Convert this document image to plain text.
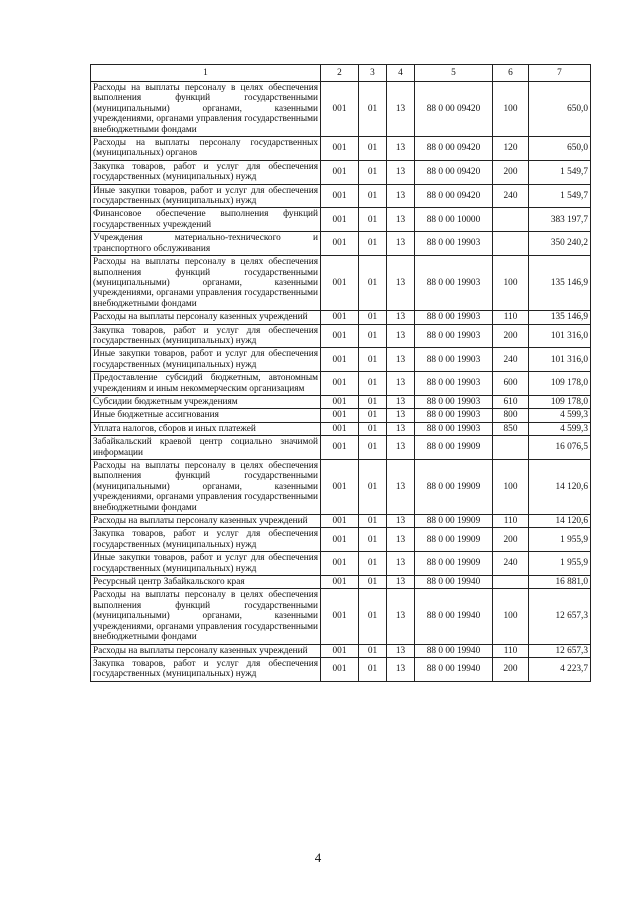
1	2	3	4	5	6	7
Расходы на выплаты персоналу в целях обеспечения выполнения функций государственными (муниципальными) органами, казенными учреждениями, органами управления государственными внебюджетными фондами	001	01	13	88 0 00 09420	100	650,0
Расходы на выплаты персоналу государственных (муниципальных) органов	001	01	13	88 0 00 09420	120	650,0
Закупка товаров, работ и услуг для обеспечения государственных (муниципальных) нужд	001	01	13	88 0 00 09420	200	1 549,7
Иные закупки товаров, работ и услуг для обеспечения государственных (муниципальных) нужд	001	01	13	88 0 00 09420	240	1 549,7
Финансовое обеспечение выполнения функций государственных учреждений	001	01	13	88 0 00 10000		383 197,7
Учреждения материально-технического и транспортного обслуживания	001	01	13	88 0 00 19903		350 240,2
Расходы на выплаты персоналу в целях обеспечения выполнения функций государственными (муниципальными) органами, казенными учреждениями, органами управления государственными внебюджетными фондами	001	01	13	88 0 00 19903	100	135 146,9
Расходы на выплаты персоналу казенных учреждений	001	01	13	88 0 00 19903	110	135 146,9
Закупка товаров, работ и услуг для обеспечения государственных (муниципальных) нужд	001	01	13	88 0 00 19903	200	101 316,0
Иные закупки товаров, работ и услуг для обеспечения государственных (муниципальных) нужд	001	01	13	88 0 00 19903	240	101 316,0
Предоставление субсидий бюджетным, автономным учреждениям и иным некоммерческим организациям	001	01	13	88 0 00 19903	600	109 178,0
Субсидии бюджетным учреждениям	001	01	13	88 0 00 19903	610	109 178,0
Иные бюджетные ассигнования	001	01	13	88 0 00 19903	800	4 599,3
Уплата налогов, сборов и иных платежей	001	01	13	88 0 00 19903	850	4 599,3
Забайкальский краевой центр социально значимой информации	001	01	13	88 0 00 19909		16 076,5
Расходы на выплаты персоналу в целях обеспечения выполнения функций государственными (муниципальными) органами, казенными учреждениями, органами управления государственными внебюджетными фондами	001	01	13	88 0 00 19909	100	14 120,6
Расходы на выплаты персоналу казенных учреждений	001	01	13	88 0 00 19909	110	14 120,6
Закупка товаров, работ и услуг для обеспечения государственных (муниципальных) нужд	001	01	13	88 0 00 19909	200	1 955,9
Иные закупки товаров, работ и услуг для обеспечения государственных (муниципальных) нужд	001	01	13	88 0 00 19909	240	1 955,9
Ресурсный центр Забайкальского края	001	01	13	88 0 00 19940		16 881,0
Расходы на выплаты персоналу в целях обеспечения выполнения функций государственными (муниципальными) органами, казенными учреждениями, органами управления государственными внебюджетными фондами	001	01	13	88 0 00 19940	100	12 657,3
Расходы на выплаты персоналу казенных учреждений	001	01	13	88 0 00 19940	110	12 657,3
Закупка товаров, работ и услуг для обеспечения государственных (муниципальных) нужд	001	01	13	88 0 00 19940	200	4 223,7
4
